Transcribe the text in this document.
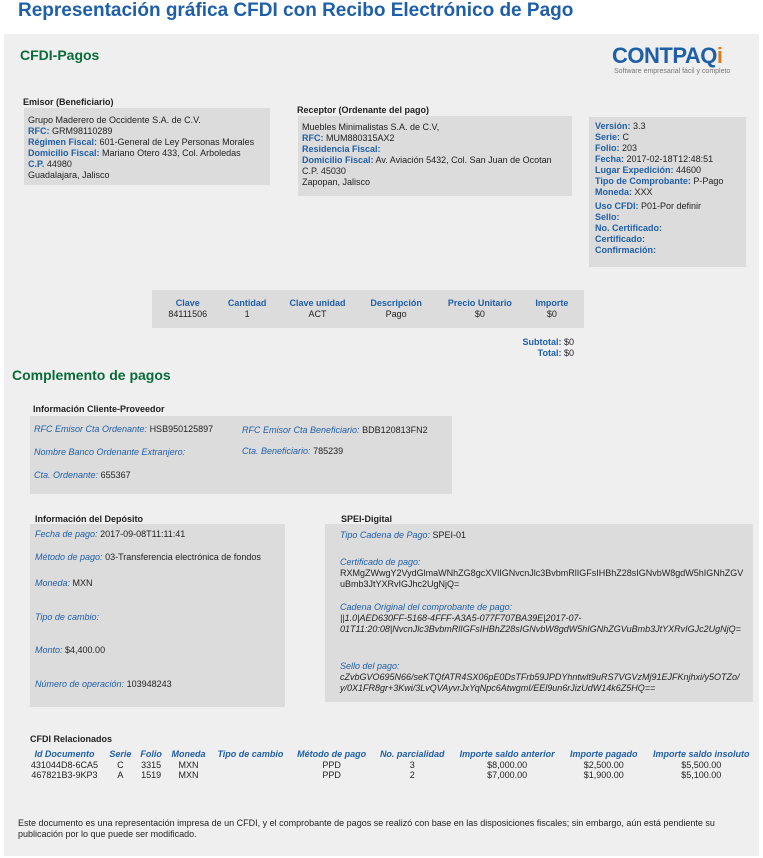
Representación gráfica CFDI con Recibo Electrónico de Pago
CFDI-Pagos	CONTPAQi
Software empresarial fácil y completo
Emisor (Beneficiario)
Grupo Maderero de Occidente S.A. de C.V.
RFC: GRM98110289
Régimen Fiscal: 601-General de Ley Personas Morales
Domicilio Fiscal: Mariano Otero 433, Col. Arboledas
C.P. 44980
Guadalajara, Jalisco
Receptor (Ordenante del pago)
Muebles Minimalistas S.A. de C.V,
RFC: MUM880315AX2
Residencia Fiscal:
Domicilio Fiscal: Av. Aviación 5432, Col. San Juan de Ocotan
C.P. 45030
Zapopan, Jalisco
Versión: 3.3
Serie: C
Folio: 203
Fecha: 2017-02-18T12:48:51
Lugar Expedición: 44600
Tipo de Comprobante: P-Pago
Moneda: XXX
Uso CFDI: P01-Por definir
Sello:
No. Certificado:
Certificado:
Confirmación:
Clave	Cantidad	Clave unidad	Descripción	Precio Unitario	Importe
84111506	1	ACT	Pago	$0	$0
Subtotal: $0
Total: $0
Complemento de pagos
Información Cliente-Proveedor
RFC Emisor Cta Ordenante: HSB950125897	RFC Emisor Cta Beneficiario: BDB120813FN2
Nombre Banco Ordenante Extranjero:	Cta. Beneficiario: 785239
Cta. Ordenante: 655367
Información del Depósito
Fecha de pago: 2017-09-08T11:11:41
Método de pago: 03-Transferencia electrónica de fondos
Moneda: MXN
Tipo de cambio:
Monto: $4,400.00
Número de operación: 103948243
SPEI-Digital
Tipo Cadena de Pago: SPEI-01
Certificado de pago:
RXMgZWwgY2VydGlmaWNhZG8gcXVlIGNvcnJlc3BvbmRlIGFsIHBhZ28sIGNvbW8gdW5hIGNhZGV
uBmb3JtYXRvIGJhc2UgNjQ=
Cadena Original del comprobante de pago:
||1.0|AED630FF-5168-4FFF-A3A5-077F707BA39E|2017-07-
01T11:20:08|NvcnJlc3BvbmRlIGFsIHBhZ28sIGNvbW8gdW5hIGNhZGVuBmb3JtYXRvIGJc2UgNjQ=
Sello del pago:
cZvbGVO695N66/seKTQfATR4SX06pE0DsTFrb59JPDYhntwlt9uRS7VGVzMj91EJFKnjhxi/y5OTZo/
y/0X1FR8gr+3Kwi/3LvQVAyvrJxYqNpc6AtwgmI/EEl9un6rJizUdW14k6Z5HQ==
CFDI Relacionados
Id Documento	Serie	Folio	Moneda	Tipo de cambio	Método de pago	No. parcialidad	Importe saldo anterior	Importe pagado	Importe saldo insoluto
431044D8-6CA5	C	3315	MXN		PPD	3	$8,000.00	$2,500.00	$5,500.00
467821B3-9KP3	A	1519	MXN		PPD	2	$7,000.00	$1,900.00	$5,100.00
Este documento es una representación impresa de un CFDI, y el comprobante de pagos se realizó con base en las disposiciones fiscales; sin embargo, aún está pendiente su
publicación por lo que puede ser modificado.
